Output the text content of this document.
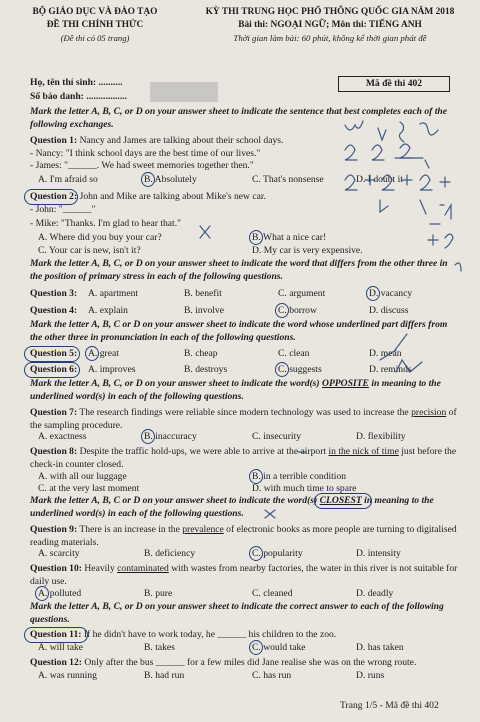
BỘ GIÁO DỤC VÀ ĐÀO TẠO
ĐỀ THI CHÍNH THỨC
(Đề thi có 05 trang)
KỲ THI TRUNG HỌC PHỔ THÔNG QUỐC GIA NĂM 2018
Bài thi: NGOẠI NGỮ; Môn thi: TIẾNG ANH
Thời gian làm bài: 60 phút, không kể thời gian phát đề
Họ, tên thí sinh: ..........
Số báo danh: .................
Mã đề thi 402
Mark the letter A, B, C, or D on your answer sheet to indicate the sentence that best completes each of the following exchanges.
Question 1: Nancy and James are talking about their school days.
- Nancy: "I think school days are the best time of our lives."
- James: "______. We had sweet memories together then."
A. I'm afraid so	B. Absolutely	C. That's nonsense	D. I doubt it
Question 2: John and Mike are talking about Mike's new car.
- John: "______"
- Mike: "Thanks. I'm glad to hear that."
A. Where did you buy your car?	B. What a nice car!
C. Your car is new, isn't it?	D. My car is very expensive.
Mark the letter A, B, C, or D on your answer sheet to indicate the word that differs from the other three in the position of primary stress in each of the following questions.
Question 3: A. apartment	B. benefit	C. argument	D. vacancy
Question 4: A. explain	B. involve	C. borrow	D. discuss
Mark the letter A, B, C or D on your answer sheet to indicate the word whose underlined part differs from the other three in pronunciation in each of the following questions.
Question 5: A. great	B. cheap	C. clean	D. mean
Question 6: A. improves	B. destroys	C. suggests	D. reminds
Mark the letter A, B, C, or D on your answer sheet to indicate the word(s) OPPOSITE in meaning to the underlined word(s) in each of the following questions.
Question 7: The research findings were reliable since modern technology was used to increase the precision of the sampling procedure.
A. exactness	B. inaccuracy	C. insecurity	D. flexibility
Question 8: Despite the traffic hold-ups, we were able to arrive at the airport in the nick of time just before the check-in counter closed.
A. with all our luggage	B. in a terrible condition
C. at the very last moment	D. with much time to spare
Mark the letter A, B, C or D on your answer sheet to indicate the word(s) CLOSEST in meaning to the underlined word(s) in each of the following questions.
Question 9: There is an increase in the prevalence of electronic books as more people are turning to digitalised reading materials.
A. scarcity	B. deficiency	C. popularity	D. intensity
Question 10: Heavily contaminated with wastes from nearby factories, the water in this river is not suitable for daily use.
A. polluted	B. pure	C. cleaned	D. deadly
Mark the letter A, B, C, or D on your answer sheet to indicate the correct answer to each of the following questions.
Question 11: If he didn't have to work today, he ______ his children to the zoo.
A. will take	B. takes	C. would take	D. has taken
Question 12: Only after the bus ______ for a few miles did Jane realise she was on the wrong route.
A. was running	B. had run	C. has run	D. runs
Trang 1/5 - Mã đề thi 402
